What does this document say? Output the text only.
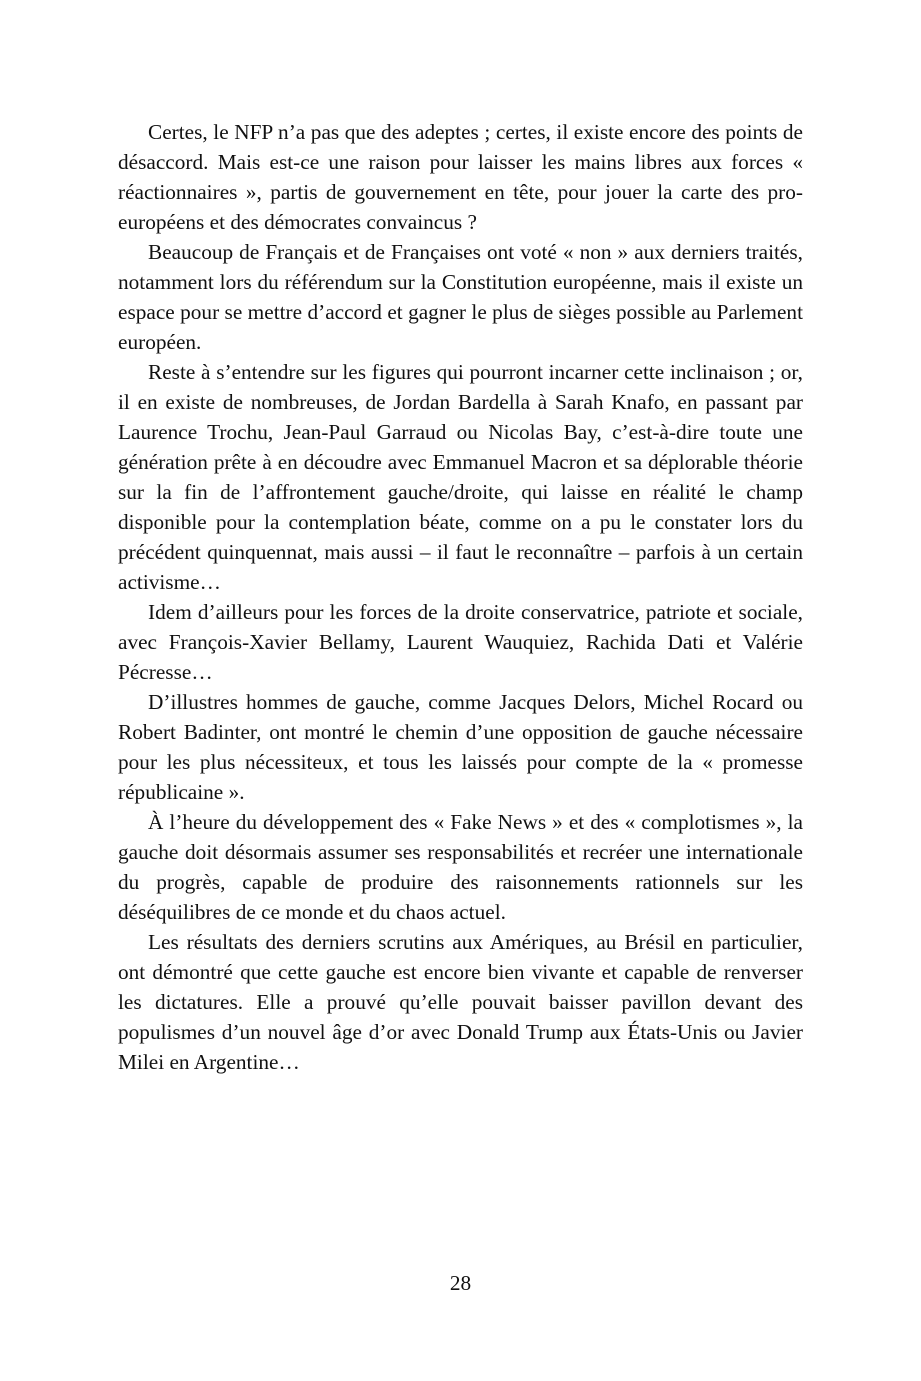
Certes, le NFP n’a pas que des adeptes ; certes, il existe encore des points de désaccord. Mais est-ce une raison pour laisser les mains libres aux forces « réactionnaires », partis de gouvernement en tête, pour jouer la carte des pro-européens et des démocrates convaincus ?

Beaucoup de Français et de Françaises ont voté « non » aux derniers traités, notamment lors du référendum sur la Constitution européenne, mais il existe un espace pour se mettre d’accord et gagner le plus de sièges possible au Parlement européen.

Reste à s’entendre sur les figures qui pourront incarner cette inclinaison ; or, il en existe de nombreuses, de Jordan Bardella à Sarah Knafo, en passant par Laurence Trochu, Jean-Paul Garraud ou Nicolas Bay, c’est-à-dire toute une génération prête à en découdre avec Emmanuel Macron et sa déplorable théorie sur la fin de l’affrontement gauche/droite, qui laisse en réalité le champ disponible pour la contemplation béate, comme on a pu le constater lors du précédent quinquennat, mais aussi – il faut le reconnaître – parfois à un certain activisme…

Idem d’ailleurs pour les forces de la droite conservatrice, patriote et sociale, avec François-Xavier Bellamy, Laurent Wauquiez, Rachida Dati et Valérie Pécresse…

D’illustres hommes de gauche, comme Jacques Delors, Michel Rocard ou Robert Badinter, ont montré le chemin d’une opposition de gauche nécessaire pour les plus nécessiteux, et tous les laissés pour compte de la « promesse républicaine ».

À l’heure du développement des « Fake News » et des « complotismes », la gauche doit désormais assumer ses responsabilités et recréer une internationale du progrès, capable de produire des raisonnements rationnels sur les déséquilibres de ce monde et du chaos actuel.

Les résultats des derniers scrutins aux Amériques, au Brésil en particulier, ont démontré que cette gauche est encore bien vivante et capable de renverser les dictatures. Elle a prouvé qu’elle pouvait baisser pavillon devant des populismes d’un nouvel âge d’or avec Donald Trump aux États-Unis ou Javier Milei en Argentine…

28
